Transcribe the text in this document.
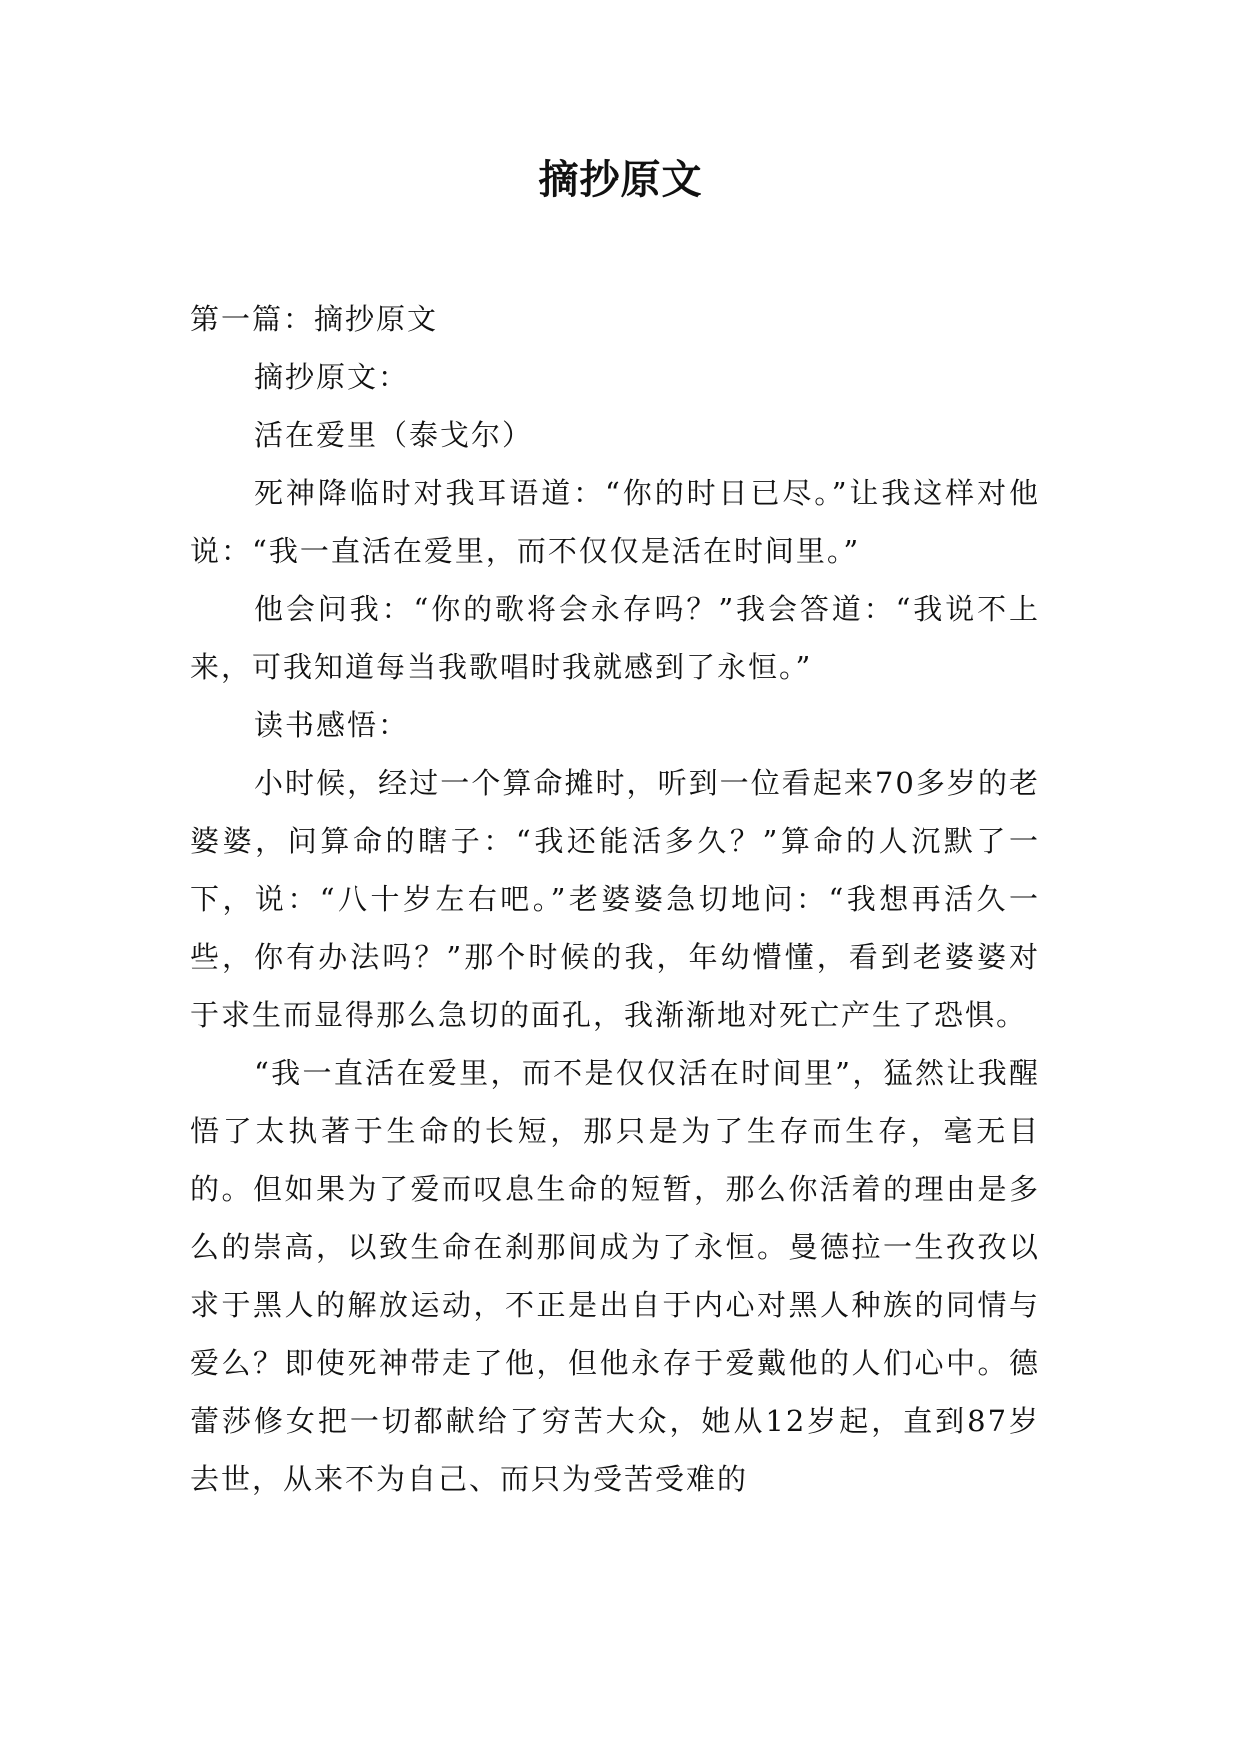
摘抄原文

第一篇：摘抄原文

摘抄原文：

活在爱里（泰戈尔）

死神降临时对我耳语道：“你的时日已尽。”让我这样对他说：“我一直活在爱里，而不仅仅是活在时间里。”

他会问我：“你的歌将会永存吗？”我会答道：“我说不上来，可我知道每当我歌唱时我就感到了永恒。”

读书感悟：

小时候，经过一个算命摊时，听到一位看起来70多岁的老婆婆，问算命的瞎子：“我还能活多久？”算命的人沉默了一下，说：“八十岁左右吧。”老婆婆急切地问：“我想再活久一些，你有办法吗？”那个时候的我，年幼懵懂，看到老婆婆对于求生而显得那么急切的面孔，我渐渐地对死亡产生了恐惧。

“我一直活在爱里，而不是仅仅活在时间里”，猛然让我醒悟了太执著于生命的长短，那只是为了生存而生存，毫无目的。但如果为了爱而叹息生命的短暂，那么你活着的理由是多么的崇高，以致生命在刹那间成为了永恒。曼德拉一生孜孜以求于黑人的解放运动，不正是出自于内心对黑人种族的同情与爱么？即使死神带走了他，但他永存于爱戴他的人们心中。德蕾莎修女把一切都献给了穷苦大众，她从12岁起，直到87岁去世，从来不为自己、而只为受苦受难的
